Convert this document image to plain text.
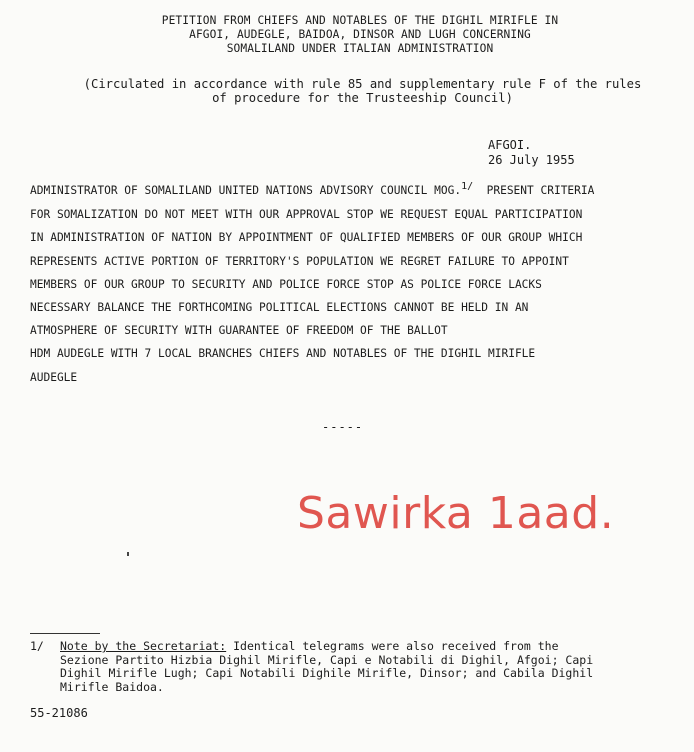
PETITION FROM CHIEFS AND NOTABLES OF THE DIGHIL MIRIFLE IN
AFGOI, AUDEGLE, BAIDOA, DINSOR AND LUGH CONCERNING
SOMALILAND UNDER ITALIAN ADMINISTRATION
(Circulated in accordance with rule 85 and supplementary rule F of the rules
of procedure for the Trusteeship Council)
AFGOI.
26 July 1955
ADMINISTRATOR OF SOMALILAND UNITED NATIONS ADVISORY COUNCIL MOG.1/ PRESENT CRITERIA
FOR SOMALIZATION DO NOT MEET WITH OUR APPROVAL STOP WE REQUEST EQUAL PARTICIPATION
IN ADMINISTRATION OF NATION BY APPOINTMENT OF QUALIFIED MEMBERS OF OUR GROUP WHICH
REPRESENTS ACTIVE PORTION OF TERRITORY'S POPULATION WE REGRET FAILURE TO APPOINT
MEMBERS OF OUR GROUP TO SECURITY AND POLICE FORCE STOP AS POLICE FORCE LACKS
NECESSARY BALANCE THE FORTHCOMING POLITICAL ELECTIONS CANNOT BE HELD IN AN
ATMOSPHERE OF SECURITY WITH GUARANTEE OF FREEDOM OF THE BALLOT
HDM AUDEGLE WITH 7 LOCAL BRANCHES CHIEFS AND NOTABLES OF THE DIGHIL MIRIFLE
AUDEGLE
-----
Sawirka 1aad.
1/ Note by the Secretariat: Identical telegrams were also received from the
Sezione Partito Hizbia Dighil Mirifle, Capi e Notabili di Dighil, Afgoi; Capi
Dighil Mirifle Lugh; Capi Notabili Dighile Mirifle, Dinsor; and Cabila Dighil
Mirifle Baidoa.
55-21086
